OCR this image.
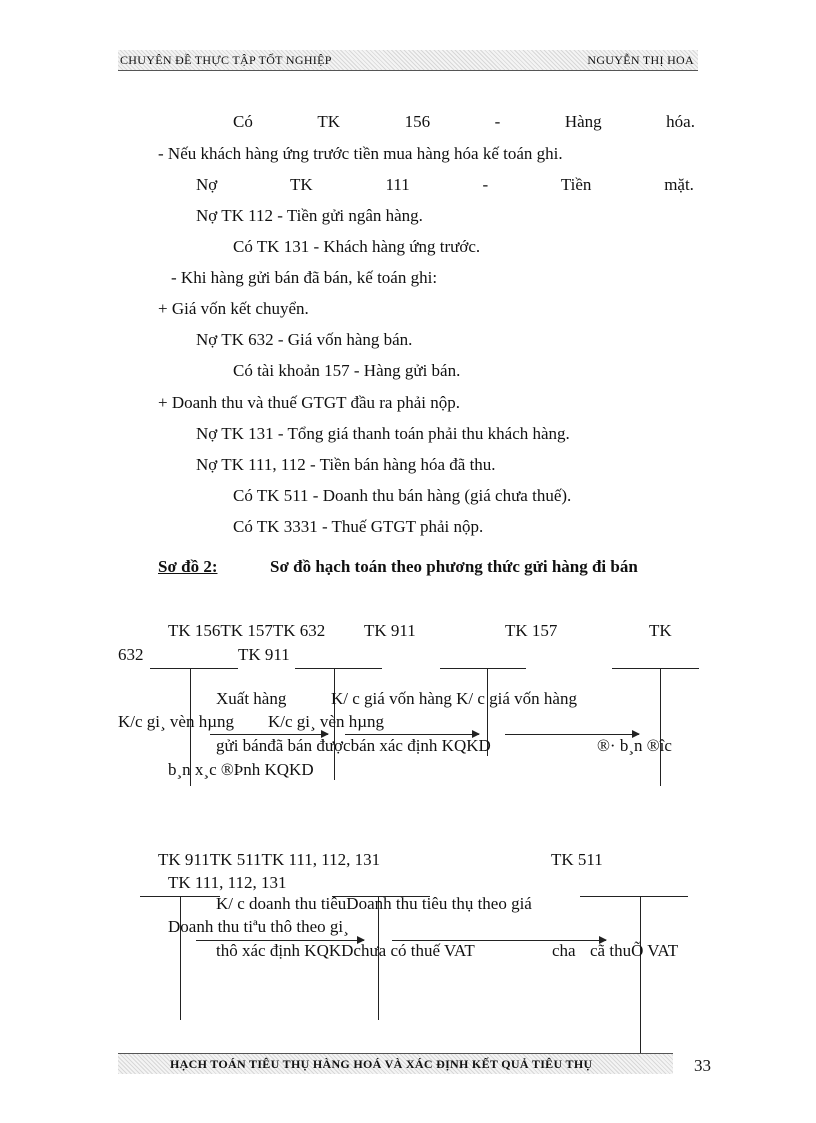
CHUYÊN ĐỀ THỰC TẬP TỐT NGHIỆP	NGUYỄN THỊ HOA
Có	TK	156	-	Hàng	hóa.
- Nếu khách hàng ứng trước tiền mua hàng hóa kế toán ghi.
Nợ	TK	111	-	Tiền	mặt.
Nợ TK 112 - Tiền gửi ngân hàng.
Có TK 131 - Khách hàng ứng trước.
- Khi hàng gửi bán đã bán, kế toán ghi:
+ Giá vốn kết chuyển.
Nợ TK 632 - Giá vốn hàng bán.
Có tài khoản 157 - Hàng gửi bán.
+ Doanh thu và thuế GTGT đầu ra phải nộp.
Nợ TK 131 - Tổng giá thanh toán phải thu khách hàng.
Nợ TK 111, 112 - Tiền bán hàng hóa đã thu.
Có TK 511 - Doanh thu bán hàng (giá chưa thuế).
Có TK 3331 - Thuế GTGT phải nộp.
Sơ đồ 2:	Sơ đồ hạch toán theo phương thức gửi hàng đi bán
TK 156TK 157TK 632 TK 911	TK 157	TK
632	TK 911
Xuất hàng	K/ c giá vốn hàng K/ c giá vốn hàng
K/c gi¸ vèn hµng K/c gi¸ vèn hµng
gửi bánđã bán đượcbán xác định KQKD	®· b¸n ®îc
b¸n x¸c ®Þnh KQKD
TK 911TK 511TK 111, 112, 131	TK 511
TK 111, 112, 131
K/ c doanh thu tiêuDoanh thu tiêu thụ theo giá
Doanh thu tiªu thô theo gi¸
thô xác định KQKDchưa có thuế VAT	cha cã thuÕ VAT
HẠCH TOÁN TIÊU THỤ HÀNG HOÁ VÀ XÁC ĐỊNH KẾT QUẢ TIÊU THỤ	33
